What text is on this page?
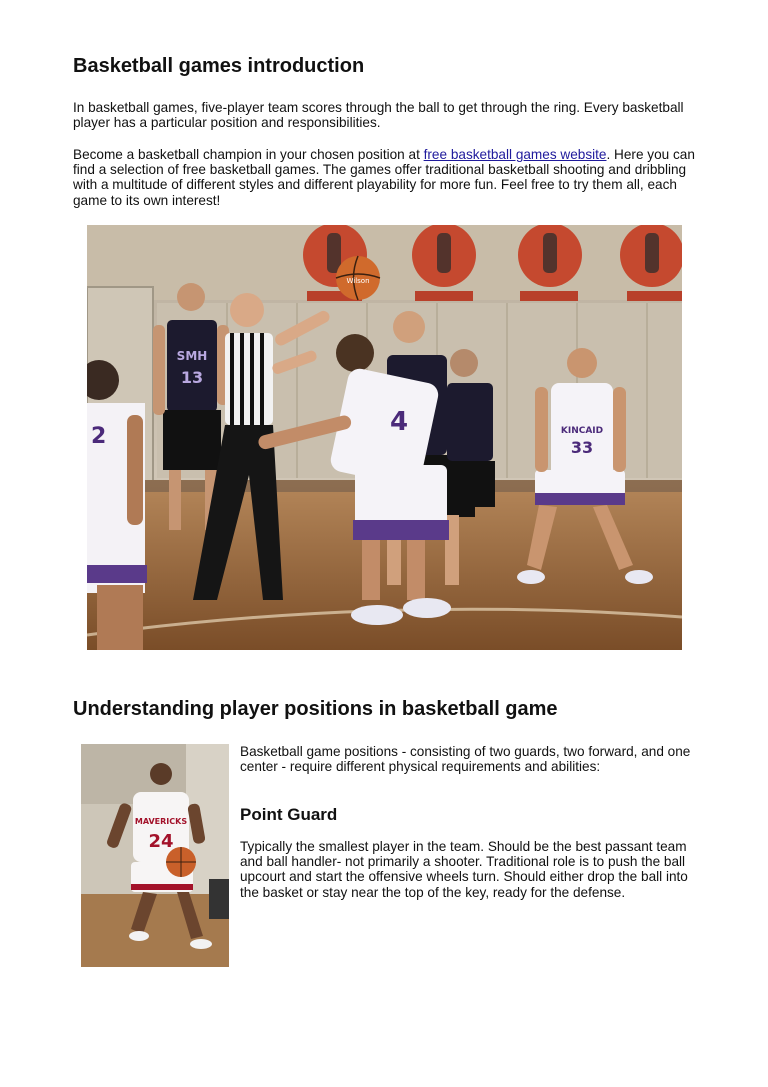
Basketball games introduction

In basketball games, five-player team scores through the ball to get through the ring. Every basketball player has a particular position and responsibilities.

Become a basketball champion in your chosen position at free basketball games website. Here you can find a selection of free basketball games. The games offer traditional basketball shooting and dribbling with a multitude of different styles and different playability for more fun. Feel free to try them all, each game to its own interest!

Wilson
2
SMH
13
4	KINCAID
33
Understanding player positions in basketball game
MAVERICKS
24

Basketball game positions - consisting of two guards, two forward, and one center - require different physical requirements and abilities:

Point Guard

Typically the smallest player in the team. Should be the best passant team and ball handler- not primarily a shooter. Traditional role is to push the ball upcourt and start the offensive wheels turn. Should either drop the ball into the basket or stay near the top of the key, ready for the defense.
